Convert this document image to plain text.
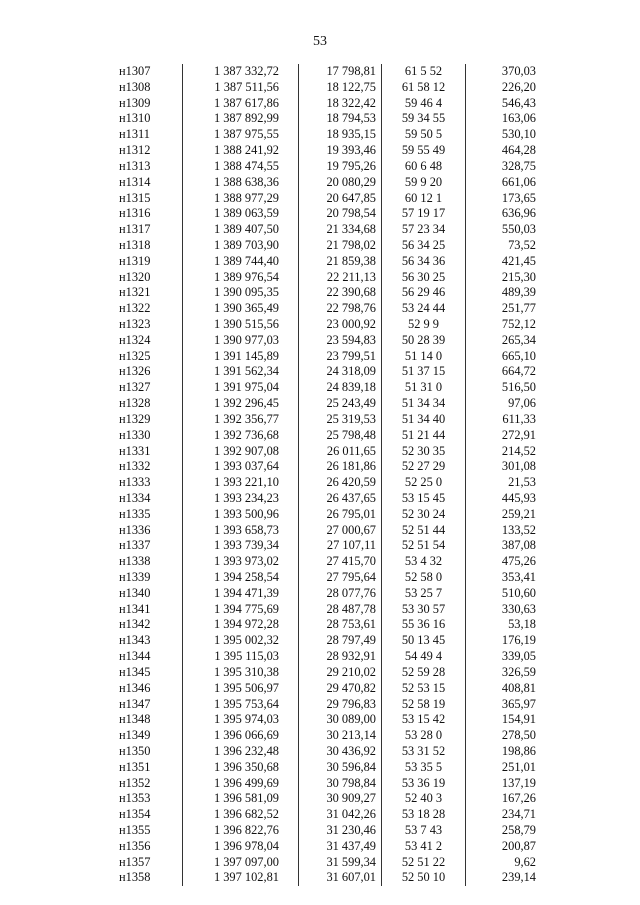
53
н1307	1 387 332,72	17 798,81	61 5 52	370,03
н1308	1 387 511,56	18 122,75	61 58 12	226,20
н1309	1 387 617,86	18 322,42	59 46 4	546,43
н1310	1 387 892,99	18 794,53	59 34 55	163,06
н1311	1 387 975,55	18 935,15	59 50 5	530,10
н1312	1 388 241,92	19 393,46	59 55 49	464,28
н1313	1 388 474,55	19 795,26	60 6 48	328,75
н1314	1 388 638,36	20 080,29	59 9 20	661,06
н1315	1 388 977,29	20 647,85	60 12 1	173,65
н1316	1 389 063,59	20 798,54	57 19 17	636,96
н1317	1 389 407,50	21 334,68	57 23 34	550,03
н1318	1 389 703,90	21 798,02	56 34 25	73,52
н1319	1 389 744,40	21 859,38	56 34 36	421,45
н1320	1 389 976,54	22 211,13	56 30 25	215,30
н1321	1 390 095,35	22 390,68	56 29 46	489,39
н1322	1 390 365,49	22 798,76	53 24 44	251,77
н1323	1 390 515,56	23 000,92	52 9 9	752,12
н1324	1 390 977,03	23 594,83	50 28 39	265,34
н1325	1 391 145,89	23 799,51	51 14 0	665,10
н1326	1 391 562,34	24 318,09	51 37 15	664,72
н1327	1 391 975,04	24 839,18	51 31 0	516,50
н1328	1 392 296,45	25 243,49	51 34 34	97,06
н1329	1 392 356,77	25 319,53	51 34 40	611,33
н1330	1 392 736,68	25 798,48	51 21 44	272,91
н1331	1 392 907,08	26 011,65	52 30 35	214,52
н1332	1 393 037,64	26 181,86	52 27 29	301,08
н1333	1 393 221,10	26 420,59	52 25 0	21,53
н1334	1 393 234,23	26 437,65	53 15 45	445,93
н1335	1 393 500,96	26 795,01	52 30 24	259,21
н1336	1 393 658,73	27 000,67	52 51 44	133,52
н1337	1 393 739,34	27 107,11	52 51 54	387,08
н1338	1 393 973,02	27 415,70	53 4 32	475,26
н1339	1 394 258,54	27 795,64	52 58 0	353,41
н1340	1 394 471,39	28 077,76	53 25 7	510,60
н1341	1 394 775,69	28 487,78	53 30 57	330,63
н1342	1 394 972,28	28 753,61	55 36 16	53,18
н1343	1 395 002,32	28 797,49	50 13 45	176,19
н1344	1 395 115,03	28 932,91	54 49 4	339,05
н1345	1 395 310,38	29 210,02	52 59 28	326,59
н1346	1 395 506,97	29 470,82	52 53 15	408,81
н1347	1 395 753,64	29 796,83	52 58 19	365,97
н1348	1 395 974,03	30 089,00	53 15 42	154,91
н1349	1 396 066,69	30 213,14	53 28 0	278,50
н1350	1 396 232,48	30 436,92	53 31 52	198,86
н1351	1 396 350,68	30 596,84	53 35 5	251,01
н1352	1 396 499,69	30 798,84	53 36 19	137,19
н1353	1 396 581,09	30 909,27	52 40 3	167,26
н1354	1 396 682,52	31 042,26	53 18 28	234,71
н1355	1 396 822,76	31 230,46	53 7 43	258,79
н1356	1 396 978,04	31 437,49	53 41 2	200,87
н1357	1 397 097,00	31 599,34	52 51 22	9,62
н1358	1 397 102,81	31 607,01	52 50 10	239,14
